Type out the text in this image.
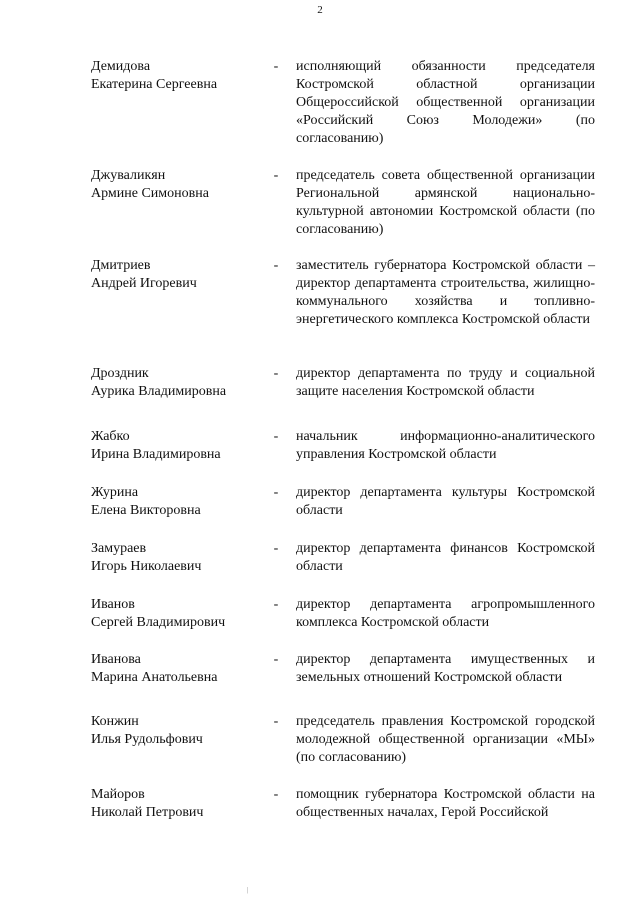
2
Демидова
Екатерина Сергеевна
- исполняющий обязанности председателя Костромской областной организации Общероссийской общественной организации «Российский Союз Молодежи» (по согласованию)
Джуваликян
Армине Симоновна
- председатель совета общественной организации Региональной армянской национально-культурной автономии Костромской области (по согласованию)
Дмитриев
Андрей Игоревич
- заместитель губернатора Костромской области – директор департамента строительства, жилищно-коммунального хозяйства и топливно-энергетического комплекса Костромской области
Дроздник
Аурика Владимировна
- директор департамента по труду и социальной защите населения Костромской области
Жабко
Ирина Владимировна
- начальник информационно-аналитического управления Костромской области
Журина
Елена Викторовна
- директор департамента культуры Костромской области
Замураев
Игорь Николаевич
- директор департамента финансов Костромской области
Иванов
Сергей Владимирович
- директор департамента агропромышленного комплекса Костромской области
Иванова
Марина Анатольевна
- директор департамента имущественных и земельных отношений Костромской области
Конжин
Илья Рудольфович
- председатель правления Костромской городской молодежной общественной организации «МЫ» (по согласованию)
Майоров
Николай Петрович
- помощник губернатора Костромской области на общественных началах, Герой Российской
|
